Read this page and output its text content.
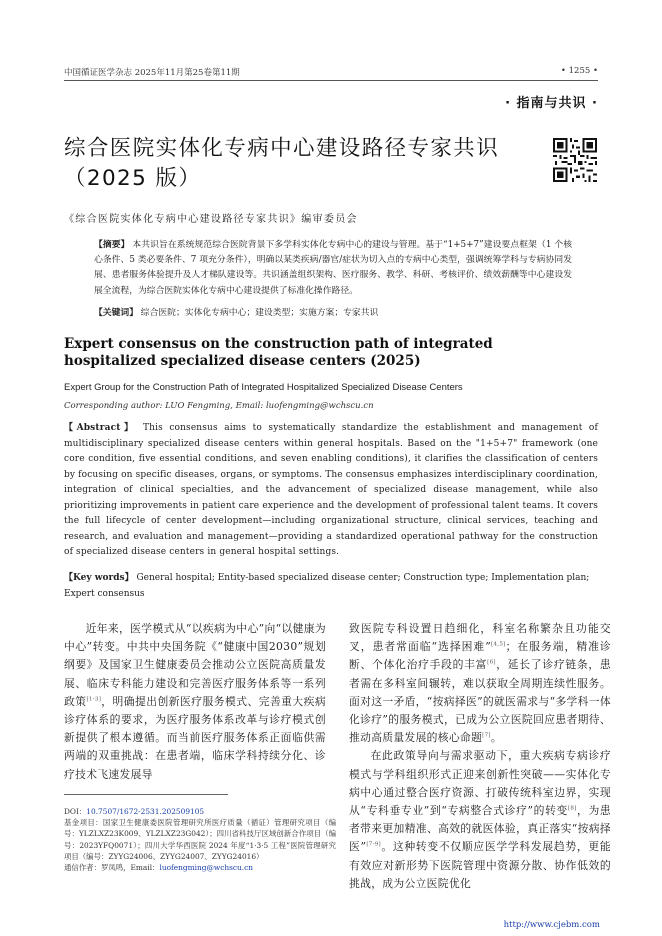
中国循证医学杂志 2025年11月第25卷第11期	• 1255 •
· 指南与共识 ·
综合医院实体化专病中心建设路径专家共识（2025 版）
《综合医院实体化专病中心建设路径专家共识》编审委员会
【摘要】 本共识旨在系统规范综合医院背景下多学科实体化专病中心的建设与管理。基于“1+5+7”建设要点框架（1 个核心条件、5 类必要条件、7 项充分条件），明确以某类疾病/器官/症状为切入点的专病中心类型，强调统筹学科与专病协同发展、患者服务体验提升及人才梯队建设等。共识涵盖组织架构、医疗服务、教学、科研、考核评价、绩效薪酬等中心建设发展全流程，为综合医院实体化专病中心建设提供了标准化操作路径。
【关键词】 综合医院；实体化专病中心；建设类型；实施方案；专家共识
Expert consensus on the construction path of integrated hospitalized specialized disease centers (2025)
Expert Group for the Construction Path of Integrated Hospitalized Specialized Disease Centers
Corresponding author: LUO Fengming, Email: luofengming@wchscu.cn
【Abstract】 This consensus aims to systematically standardize the establishment and management of multidisciplinary specialized disease centers within general hospitals. Based on the "1+5+7" framework (one core condition, five essential conditions, and seven enabling conditions), it clarifies the classification of centers by focusing on specific diseases, organs, or symptoms. The consensus emphasizes interdisciplinary coordination, integration of clinical specialties, and the advancement of specialized disease management, while also prioritizing improvements in patient care experience and the development of professional talent teams. It covers the full lifecycle of center development—including organizational structure, clinical services, teaching and research, and evaluation and management—providing a standardized operational pathway for the construction of specialized disease centers in general hospital settings.
【Key words】 General hospital; Entity-based specialized disease center; Construction type; Implementation plan; Expert consensus

近年来，医学模式从“以疾病为中心”向“以健康为中心”转变。中共中央国务院《“健康中国2030”规划纲要》及国家卫生健康委员会推动公立医院高质量发展、临床专科能力建设和完善医疗服务体系等一系列政策[1-3]，明确提出创新医疗服务模式、完善重大疾病诊疗体系的要求，为医疗服务体系改革与诊疗模式创新提供了根本遵循。而当前医疗服务体系正面临供需两端的双重挑战：在患者端，临床学科持续分化、诊疗技术飞速发展导

致医院专科设置日趋细化，科室名称繁杂且功能交叉，患者常面临“选择困难”[4,5]；在服务端，精准诊断、个体化治疗手段的丰富[6]，延长了诊疗链条，患者需在多科室间辗转，难以获取全周期连续性服务。面对这一矛盾，“按病择医”的就医需求与“多学科一体化诊疗”的服务模式，已成为公立医院回应患者期待、推动高质量发展的核心命题[7]。

在此政策导向与需求驱动下，重大疾病专病诊疗模式与学科组织形式正迎来创新性突破——实体化专病中心通过整合医疗资源、打破传统科室边界，实现从“专科垂专业”到“专病整合式诊疗”的转变[8]，为患者带来更加精准、高效的就医体验，真正落实“按病择医”[7-9]。这种转变不仅顺应医学学科发展趋势，更能有效应对新形势下医院管理中资源分散、协作低效的挑战，成为公立医院优化

DOI：10.7507/1672-2531.202509105
基金项目：国家卫生健康委医院管理研究所医疗质量（循证）管理研究项目（编号：YLZLXZ23K009、YLZLXZ23G042）；四川省科技厅区域创新合作项目（编号：2023YFQ0071）；四川大学华西医院 2024 年度“1·3·5 工程”医院管理研究项目（编号：ZYYG24006、ZYYG24007、ZYYG24016）
通信作者：罗凤鸣，Email：luofengming@wchscu.cn
http://www.cjebm.com
